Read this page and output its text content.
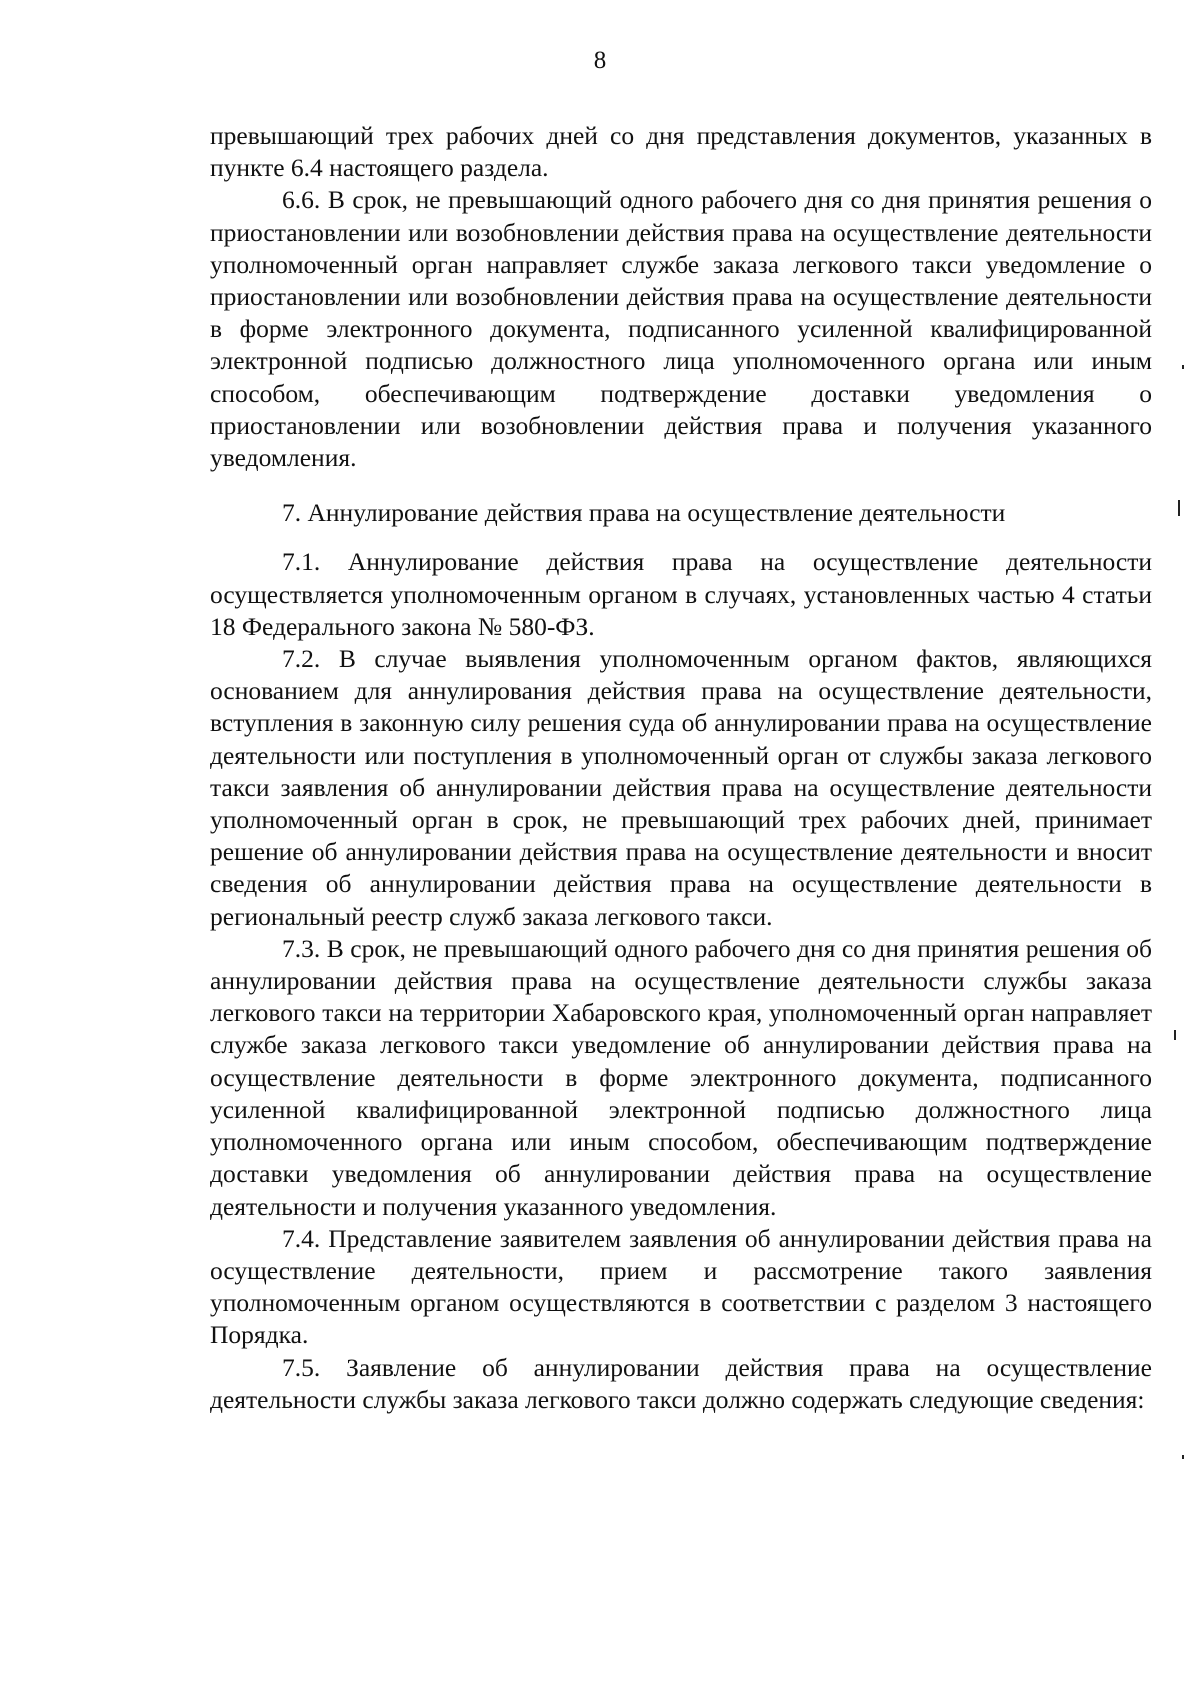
8

превышающий трех рабочих дней со дня представления документов, указанных в пункте 6.4 настоящего раздела.

6.6. В срок, не превышающий одного рабочего дня со дня принятия решения о приостановлении или возобновлении действия права на осуществление деятельности уполномоченный орган направляет службе заказа легкового такси уведомление о приостановлении или возобновлении действия права на осуществление деятельности в форме электронного документа, подписанного усиленной квалифицированной электронной подписью должностного лица уполномоченного органа или иным способом, обеспечивающим подтверждение доставки уведомления о приостановлении или возобновлении действия права и получения указанного уведомления.

7. Аннулирование действия права на осуществление деятельности

7.1. Аннулирование действия права на осуществление деятельности осуществляется уполномоченным органом в случаях, установленных частью 4 статьи 18 Федерального закона № 580-ФЗ.

7.2. В случае выявления уполномоченным органом фактов, являющихся основанием для аннулирования действия права на осуществление деятельности, вступления в законную силу решения суда об аннулировании права на осуществление деятельности или поступления в уполномоченный орган от службы заказа легкового такси заявления об аннулировании действия права на осуществление деятельности уполномоченный орган в срок, не превышающий трех рабочих дней, принимает решение об аннулировании действия права на осуществление деятельности и вносит сведения об аннулировании действия права на осуществление деятельности в региональный реестр служб заказа легкового такси.

7.3. В срок, не превышающий одного рабочего дня со дня принятия решения об аннулировании действия права на осуществление деятельности службы заказа легкового такси на территории Хабаровского края, уполномоченный орган направляет службе заказа легкового такси уведомление об аннулировании действия права на осуществление деятельности в форме электронного документа, подписанного усиленной квалифицированной электронной подписью должностного лица уполномоченного органа или иным способом, обеспечивающим подтверждение доставки уведомления об аннулировании действия права на осуществление деятельности и получения указанного уведомления.

7.4. Представление заявителем заявления об аннулировании действия права на осуществление деятельности, прием и рассмотрение такого заявления уполномоченным органом осуществляются в соответствии с разделом 3 настоящего Порядка.

7.5. Заявление об аннулировании действия права на осуществление деятельности службы заказа легкового такси должно содержать следующие сведения:
